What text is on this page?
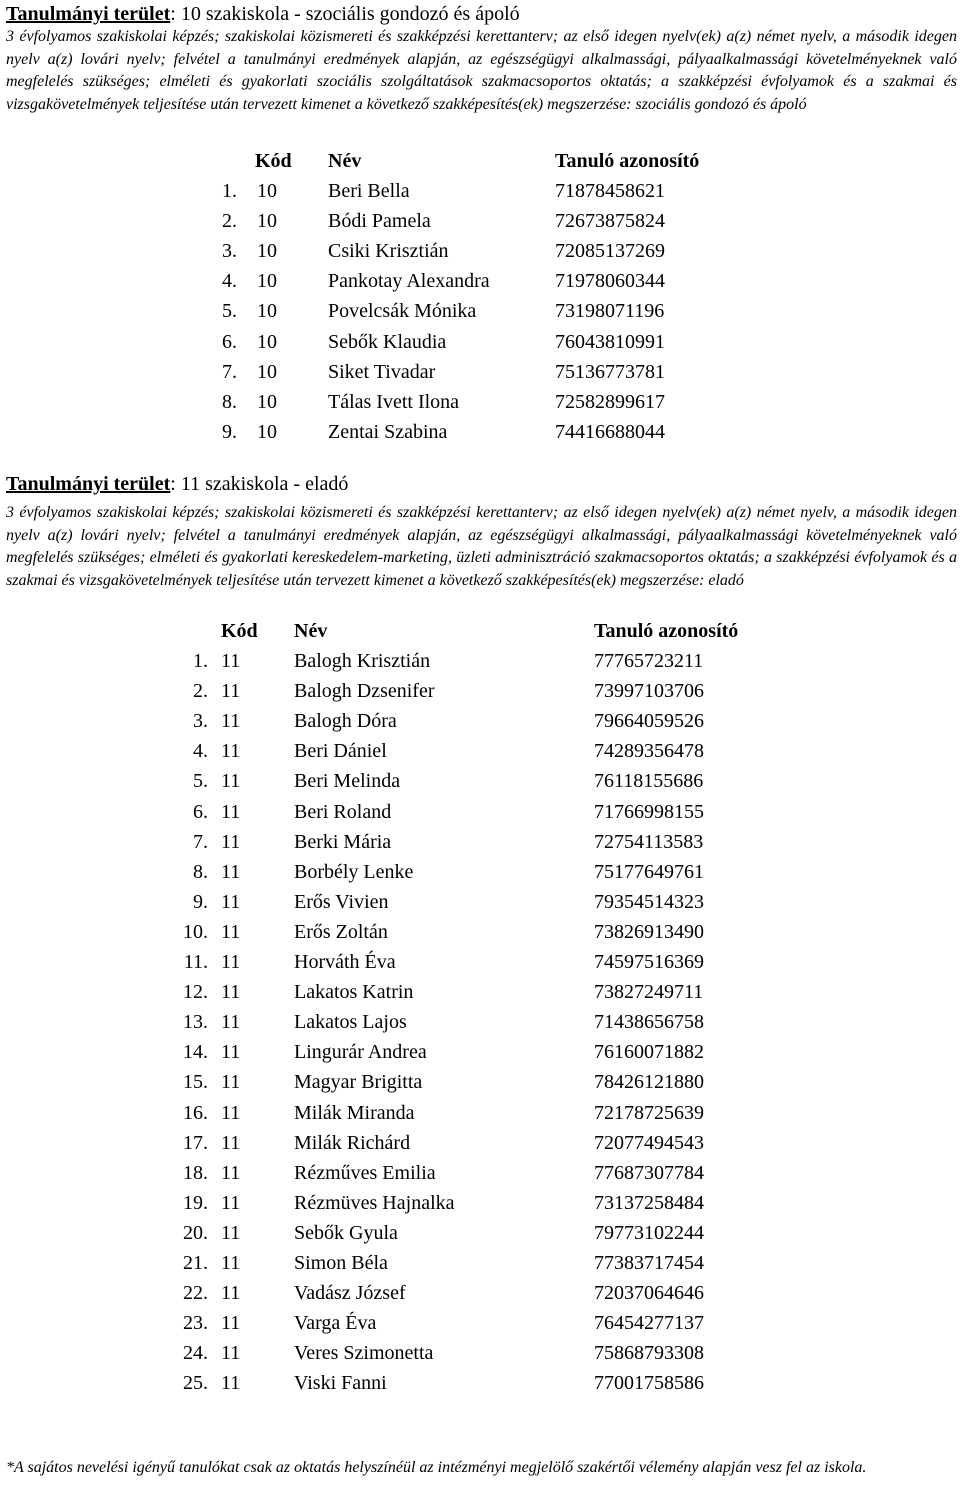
Tanulmányi terület: 10 szakiskola - szociális gondozó és ápoló

3 évfolyamos szakiskolai képzés; szakiskolai közismereti és szakképzési kerettanterv; az első idegen nyelv(ek) a(z) német nyelv, a második idegen nyelv a(z) lovári nyelv; felvétel a tanulmányi eredmények alapján, az egészségügyi alkalmassági, pályaalkalmassági követelményeknek való megfelelés szükséges; elméleti és gyakorlati szociális szolgáltatások szakmacsoportos oktatás; a szakképzési évfolyamok és a szakmai és vizsgakövetelmények teljesítése után tervezett kimenet a következő szakképesítés(ek) megszerzése: szociális gondozó és ápoló

Kód Név	Tanuló azonosító
1. 10	Beri Bella	71878458621
2. 10	Bódi Pamela	72673875824
3. 10	Csiki Krisztián	72085137269
4. 10	Pankotay Alexandra	71978060344
5. 10	Povelcsák Mónika	73198071196
6. 10	Sebők Klaudia	76043810991
7. 10	Siket Tivadar	75136773781
8. 10	Tálas Ivett Ilona	72582899617
9. 10	Zentai Szabina	74416688044
Tanulmányi terület: 11 szakiskola - eladó

3 évfolyamos szakiskolai képzés; szakiskolai közismereti és szakképzési kerettanterv; az első idegen nyelv(ek) a(z) német nyelv, a második idegen nyelv a(z) lovári nyelv; felvétel a tanulmányi eredmények alapján, az egészségügyi alkalmassági, pályaalkalmassági követelményeknek való megfelelés szükséges; elméleti és gyakorlati kereskedelem-marketing, üzleti adminisztráció szakmacsoportos oktatás; a szakképzési évfolyamok és a szakmai és vizsgakövetelmények teljesítése után tervezett kimenet a következő szakképesítés(ek) megszerzése: eladó

Kód Név	Tanuló azonosító
1. 11	Balogh Krisztián	77765723211
2. 11	Balogh Dzsenifer	73997103706
3. 11	Balogh Dóra	79664059526
4. 11	Beri Dániel	74289356478
5. 11	Beri Melinda	76118155686
6. 11	Beri Roland	71766998155
7. 11	Berki Mária	72754113583
8. 11	Borbély Lenke	75177649761
9. 11	Erős Vivien	79354514323
10. 11	Erős Zoltán	73826913490
11. 11	Horváth Éva	74597516369
12. 11	Lakatos Katrin	73827249711
13. 11	Lakatos Lajos	71438656758
14. 11	Lingurár Andrea	76160071882
15. 11	Magyar Brigitta	78426121880
16. 11	Milák Miranda	72178725639
17. 11	Milák Richárd	72077494543
18. 11	Rézműves Emilia	77687307784
19. 11	Rézmüves Hajnalka	73137258484
20. 11	Sebők Gyula	79773102244
21. 11	Simon Béla	77383717454
22. 11	Vadász József	72037064646
23. 11	Varga Éva	76454277137
24. 11	Veres Szimonetta	75868793308
25. 11	Viski Fanni	77001758586

*A sajátos nevelési igényű tanulókat csak az oktatás helyszínéül az intézményi megjelölő szakértői vélemény alapján vesz fel az iskola.
